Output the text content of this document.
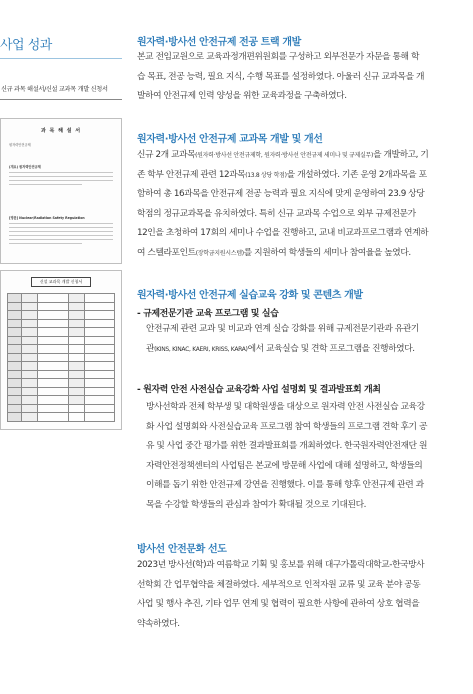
사업 성과
신규 과목 해설서/신설 교과목 개발 신청서
과 목 해 설 서
원자력안전규제
(개요) 원자력안전규제
[영문] Nuclear/Radiation Safety Regulation
신설 교과목 개발 신청서

원자력·방사선 안전규제 전공 트랙 개발
본교 전임교원으로 교육과정개편위원회를 구성하고 외부전문가 자문을 통해 학
습 목표, 전공 능력, 필요 지식, 수행 목표를 설정하였다. 아울러 신규 교과목을 개
발하여 안전규제 인력 양성을 위한 교육과정을 구축하였다.
원자력·방사선 안전규제 교과목 개발 및 개선
신규 2개 교과목(원자력·방사선 안전규제학, 원자력·방사선 안전규제 세미나 및 규제실무)을 개발하고, 기
존 학부 안전규제 관련 12과목(13.8 상당 학점)을 개설하였다. 기존 운영 2개과목을 포
함하여 총 16과목을 안전규제 전공 능력과 필요 지식에 맞게 운영하여 23.9 상당
학점의 정규교과목을 유치하였다. 특히 신규 교과목 수업으로 외부 규제전문가
12인을 초청하여 17회의 세미나 수업을 진행하고, 교내 비교과프로그램과 연계하
여 스텔라포인트(장학금지원시스템)를 지원하여 학생들의 세미나 참여율을 높였다.
원자력·방사선 안전규제 실습교육 강화 및 콘텐츠 개발
- 규제전문기관 교육 프로그램 및 실습
안전규제 관련 교과 및 비교과 연계 실습 강화를 위해 규제전문기관과 유관기
관(KINS, KINAC, KAERI, KRISS, KARA)에서 교육실습 및 견학 프로그램을 진행하였다.
- 원자력 안전 사전실습 교육강화 사업 설명회 및 결과발표회 개최
방사선학과 전체 학부생 및 대학원생을 대상으로 원자력 안전 사전실습 교육강
화 사업 설명회와 사전실습교육 프로그램 참여 학생들의 프로그램 견학 후기 공
유 및 사업 중간 평가를 위한 결과발표회를 개최하였다. 한국원자력안전재단 원
자력안전정책센터의 사업팀은 본교에 방문해 사업에 대해 설명하고, 학생들의
이해를 돕기 위한 안전규제 강연을 진행했다. 이를 통해 향후 안전규제 관련 과
목을 수강할 학생들의 관심과 참여가 확대될 것으로 기대된다.
방사선 안전문화 선도
2023년 방사선(학)과 여름학교 기획 및 홍보를 위해 대구가톨릭대학교-한국방사
선학회 간 업무협약을 체결하였다. 세부적으로 인적자원 교류 및 교육 분야 공동
사업 및 행사 추진, 기타 업무 연계 및 협력이 필요한 사항에 관하여 상호 협력을
약속하였다.
